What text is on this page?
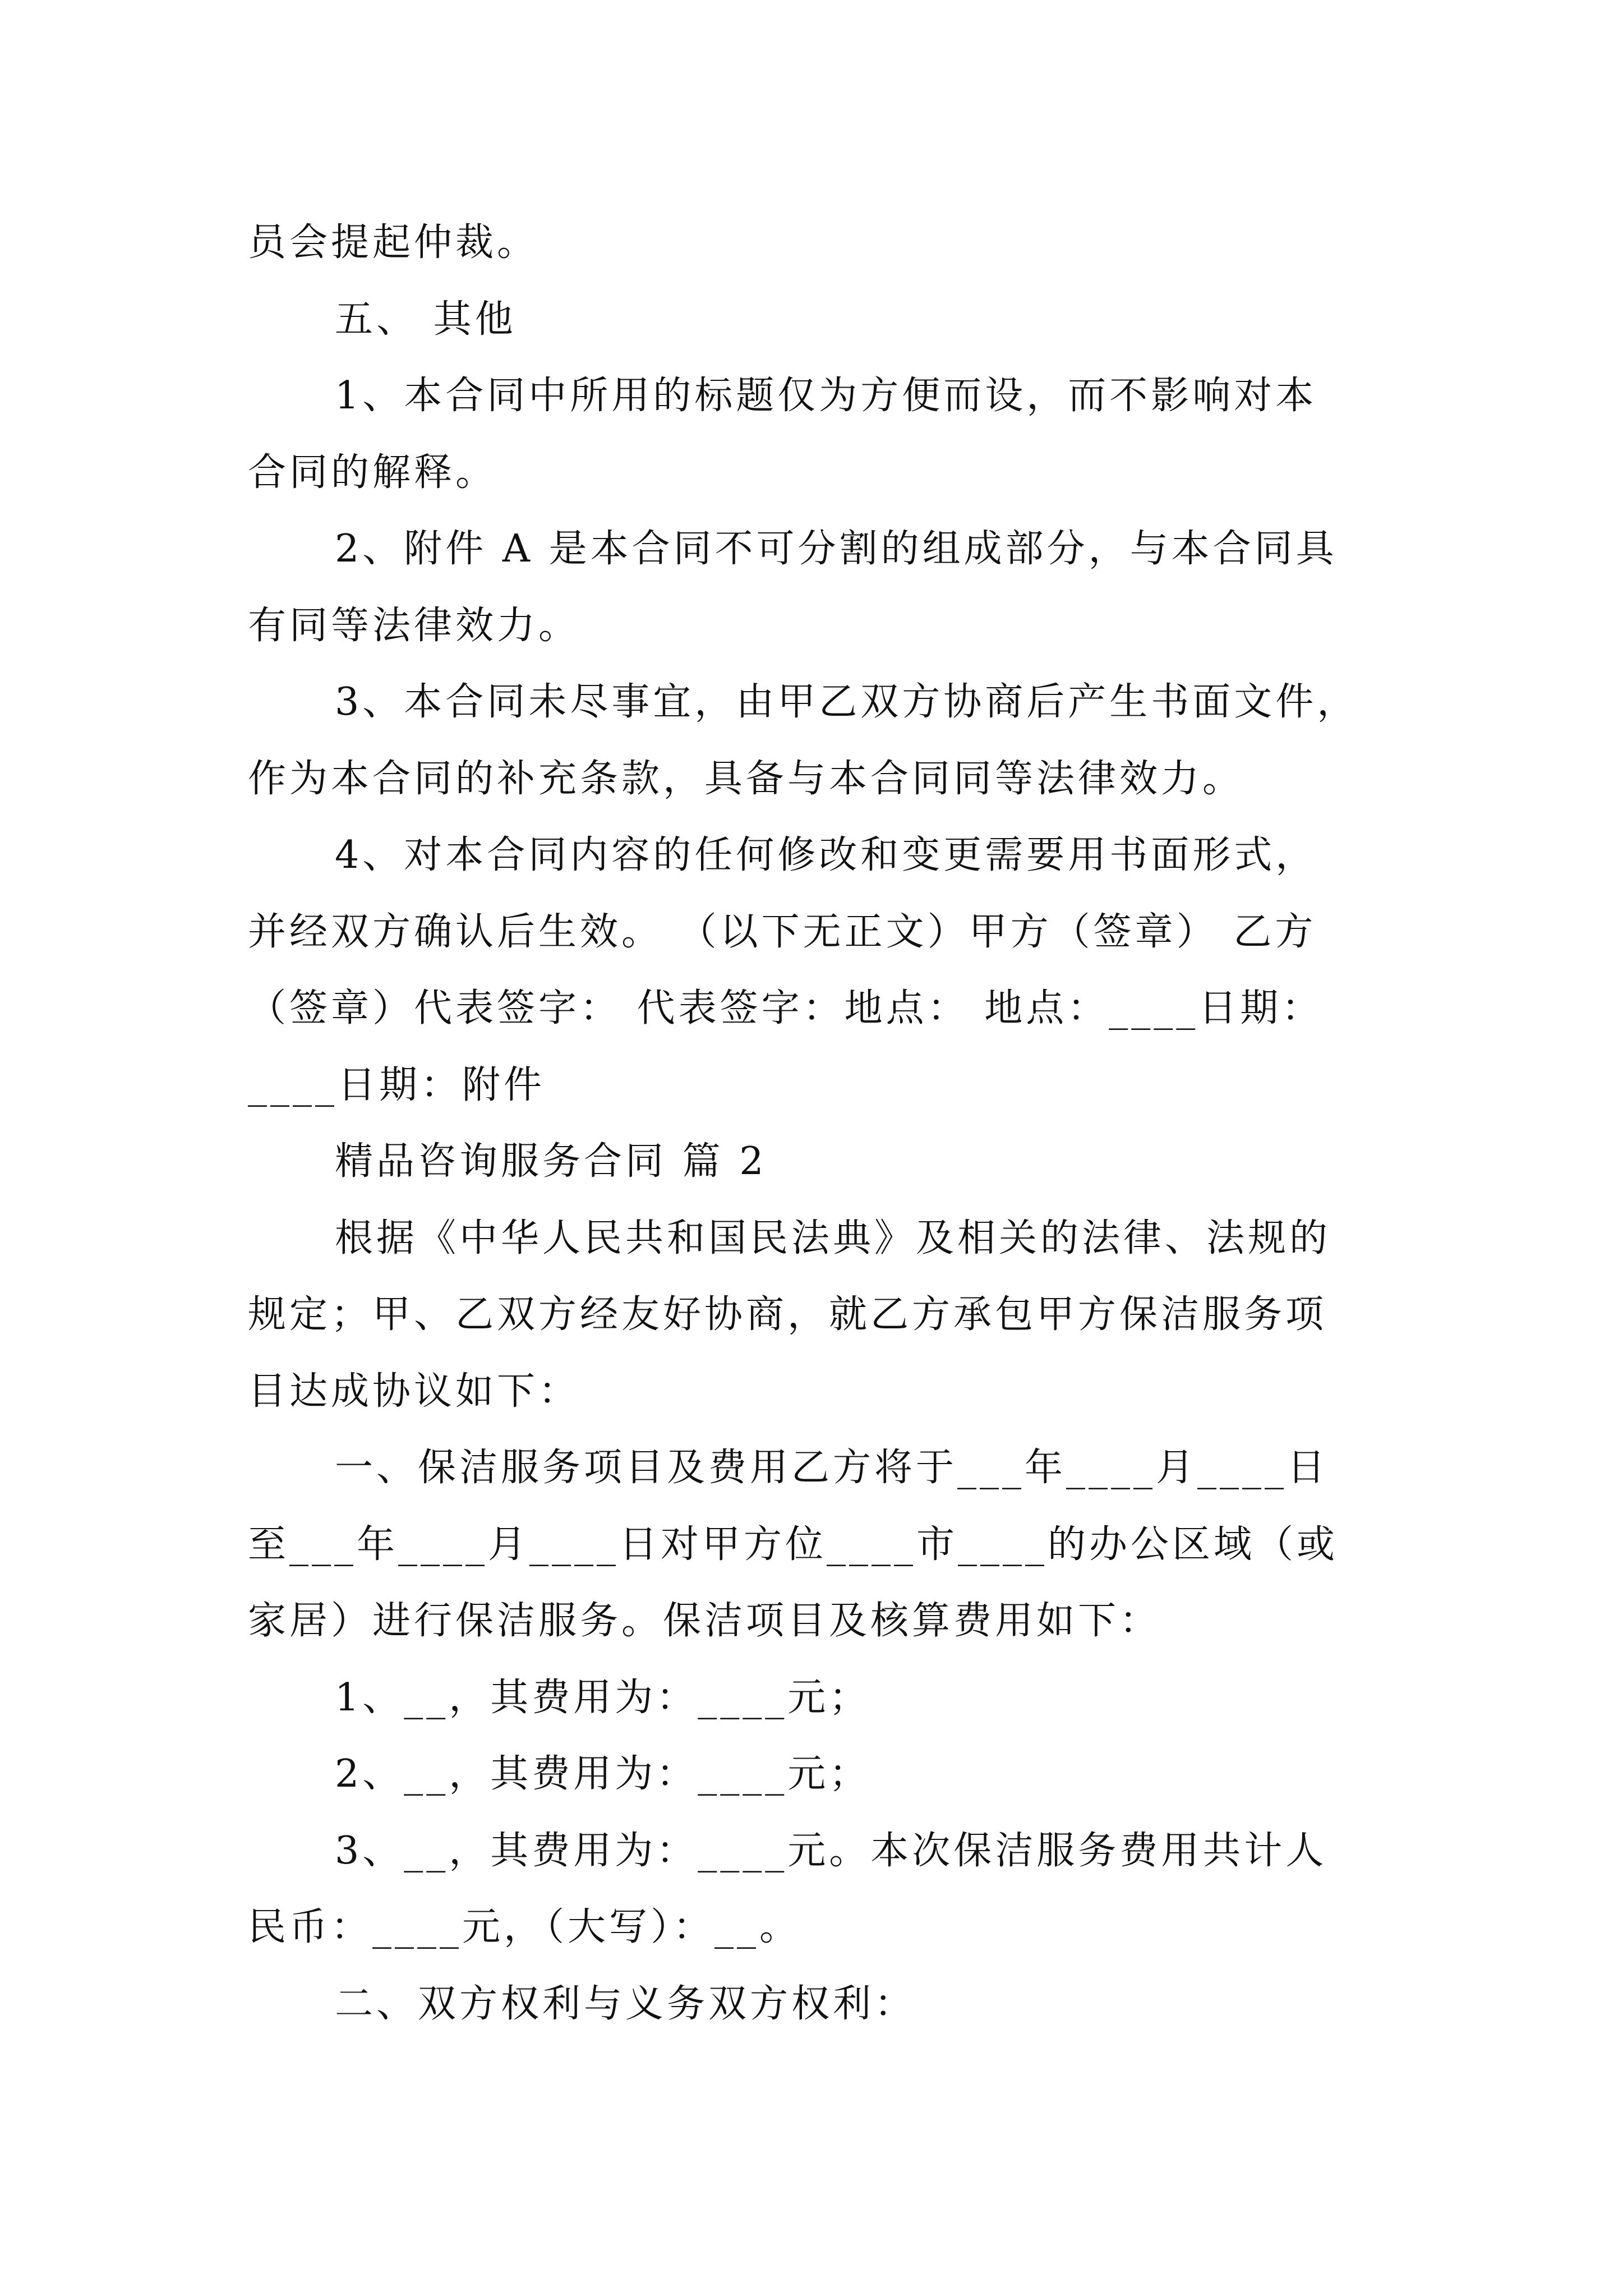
员会提起仲裁。
五、 其他
1、本合同中所用的标题仅为方便而设，而不影响对本
合同的解释。
2、附件 A 是本合同不可分割的组成部分，与本合同具
有同等法律效力。
3、本合同未尽事宜，由甲乙双方协商后产生书面文件，
作为本合同的补充条款，具备与本合同同等法律效力。
4、对本合同内容的任何修改和变更需要用书面形式，
并经双方确认后生效。 （以下无正文）甲方（签章） 乙方
（签章）代表签字： 代表签字：地点： 地点：____日期：
____日期：附件
精品咨询服务合同 篇 2
根据《中华人民共和国民法典》及相关的法律、法规的
规定；甲、乙双方经友好协商，就乙方承包甲方保洁服务项
目达成协议如下：
一、保洁服务项目及费用乙方将于___年____月____日
至___年____月____日对甲方位____市____的办公区域（或
家居）进行保洁服务。保洁项目及核算费用如下：
1、__，其费用为：____元；
2、__，其费用为：____元；
3、__，其费用为：____元。本次保洁服务费用共计人
民币：____元，（大写）：__。
二、双方权利与义务双方权利：
